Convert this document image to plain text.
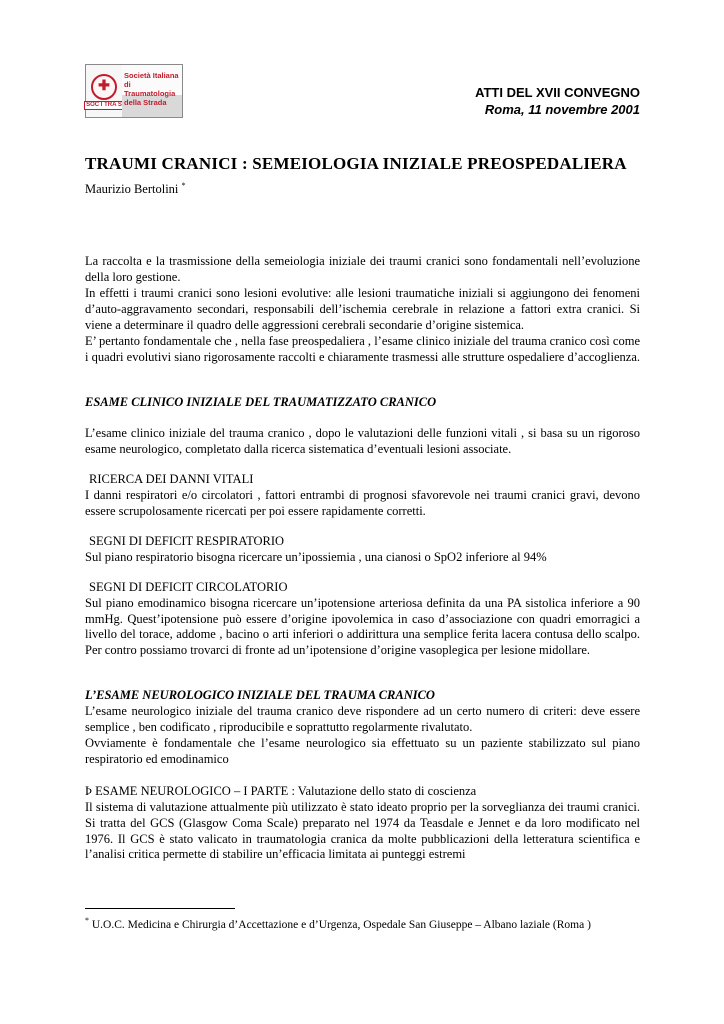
✚
SOC I TRA S
Società Italiana
di Traumatologia
della Strada
ATTI DEL XVII CONVEGNO
Roma, 11 novembre 2001
TRAUMI CRANICI : SEMEIOLOGIA INIZIALE PREOSPEDALIERA
Maurizio Bertolini *
La raccolta e la trasmissione della semeiologia iniziale dei traumi cranici sono fondamentali nell’evoluzione della loro gestione.
In effetti i traumi cranici sono lesioni evolutive: alle lesioni traumatiche iniziali si aggiungono dei fenomeni d’auto-aggravamento secondari, responsabili dell’ischemia cerebrale in relazione a fattori extra cranici. Si viene a determinare il quadro delle aggressioni cerebrali secondarie d’origine sistemica.
E’ pertanto fondamentale che , nella fase preospedaliera , l’esame clinico iniziale del trauma cranico così come i quadri evolutivi siano rigorosamente raccolti e chiaramente trasmessi alle strutture ospedaliere d’accoglienza.
ESAME CLINICO INIZIALE DEL TRAUMATIZZATO CRANICO
L’esame clinico iniziale del trauma cranico , dopo le valutazioni delle funzioni vitali , si basa su un rigoroso esame neurologico, completato dalla ricerca sistematica d’eventuali lesioni associate.
RICERCA DEI DANNI VITALI
I danni respiratori e/o circolatori , fattori entrambi di prognosi sfavorevole nei traumi cranici gravi, devono essere scrupolosamente ricercati per poi essere rapidamente corretti.
SEGNI DI DEFICIT RESPIRATORIO
Sul piano respiratorio bisogna ricercare un’ipossiemia , una cianosi o SpO2 inferiore al 94%
SEGNI DI DEFICIT CIRCOLATORIO
Sul piano emodinamico bisogna ricercare un’ipotensione arteriosa definita da una PA sistolica inferiore a 90 mmHg. Quest’ipotensione può essere d’origine ipovolemica in caso d’associazione con quadri emorragici a livello del torace, addome , bacino o arti inferiori o addirittura una semplice ferita lacera contusa dello scalpo. Per contro possiamo trovarci di fronte ad un’ipotensione d’origine vasoplegica per lesione midollare.
L’ESAME NEUROLOGICO INIZIALE DEL TRAUMA CRANICO
L’esame neurologico iniziale del trauma cranico deve rispondere ad un certo numero di criteri: deve essere semplice , ben codificato , riproducibile e soprattutto regolarmente rivalutato.
Ovviamente è fondamentale che l’esame neurologico sia effettuato su un paziente stabilizzato sul piano respiratorio ed emodinamico
Þ ESAME NEUROLOGICO – I PARTE : Valutazione dello stato di coscienza
Il sistema di valutazione attualmente più utilizzato è stato ideato proprio per la sorveglianza dei traumi cranici. Si tratta del GCS (Glasgow Coma Scale) preparato nel 1974 da Teasdale e Jennet e da loro modificato nel 1976. Il GCS è stato valicato in traumatologia cranica da molte pubblicazioni della letteratura scientifica e l’analisi critica permette di stabilire un’efficacia limitata ai punteggi estremi
* U.O.C. Medicina e Chirurgia d’Accettazione e d’Urgenza, Ospedale San Giuseppe – Albano laziale (Roma )
